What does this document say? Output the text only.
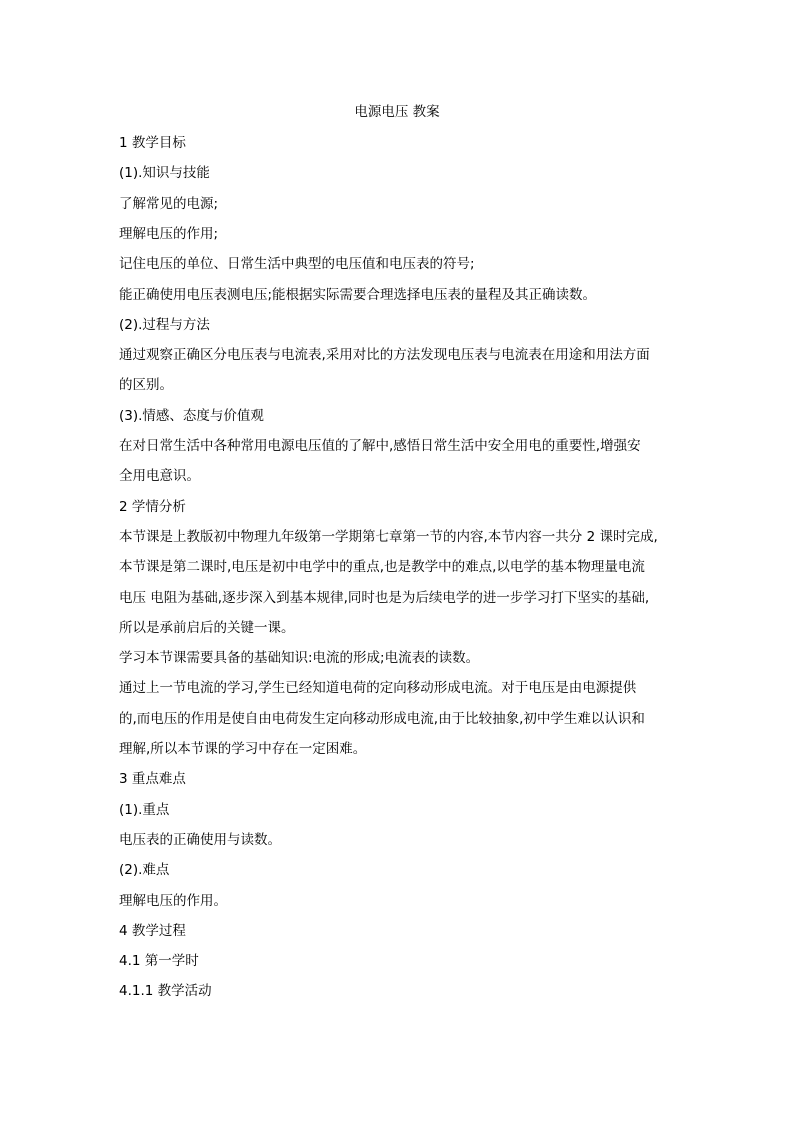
电源电压 教案
1 教学目标
(1).知识与技能
了解常见的电源;
理解电压的作用;
记住电压的单位、日常生活中典型的电压值和电压表的符号;
能正确使用电压表测电压;能根据实际需要合理选择电压表的量程及其正确读数。
(2).过程与方法
通过观察正确区分电压表与电流表,采用对比的方法发现电压表与电流表在用途和用法方面
的区别。
(3).情感、态度与价值观
在对日常生活中各种常用电源电压值的了解中,感悟日常生活中安全用电的重要性,增强安
全用电意识。
2 学情分析
本节课是上教版初中物理九年级第一学期第七章第一节的内容,本节内容一共分 2 课时完成,
本节课是第二课时,电压是初中电学中的重点,也是教学中的难点,以电学的基本物理量电流
电压 电阻为基础,逐步深入到基本规律,同时也是为后续电学的进一步学习打下坚实的基础,
所以是承前启后的关键一课。
学习本节课需要具备的基础知识:电流的形成;电流表的读数。
通过上一节电流的学习,学生已经知道电荷的定向移动形成电流。对于电压是由电源提供
的,而电压的作用是使自由电荷发生定向移动形成电流,由于比较抽象,初中学生难以认识和
理解,所以本节课的学习中存在一定困难。
3 重点难点
(1).重点
电压表的正确使用与读数。
(2).难点
理解电压的作用。
4 教学过程
4.1 第一学时
4.1.1 教学活动
